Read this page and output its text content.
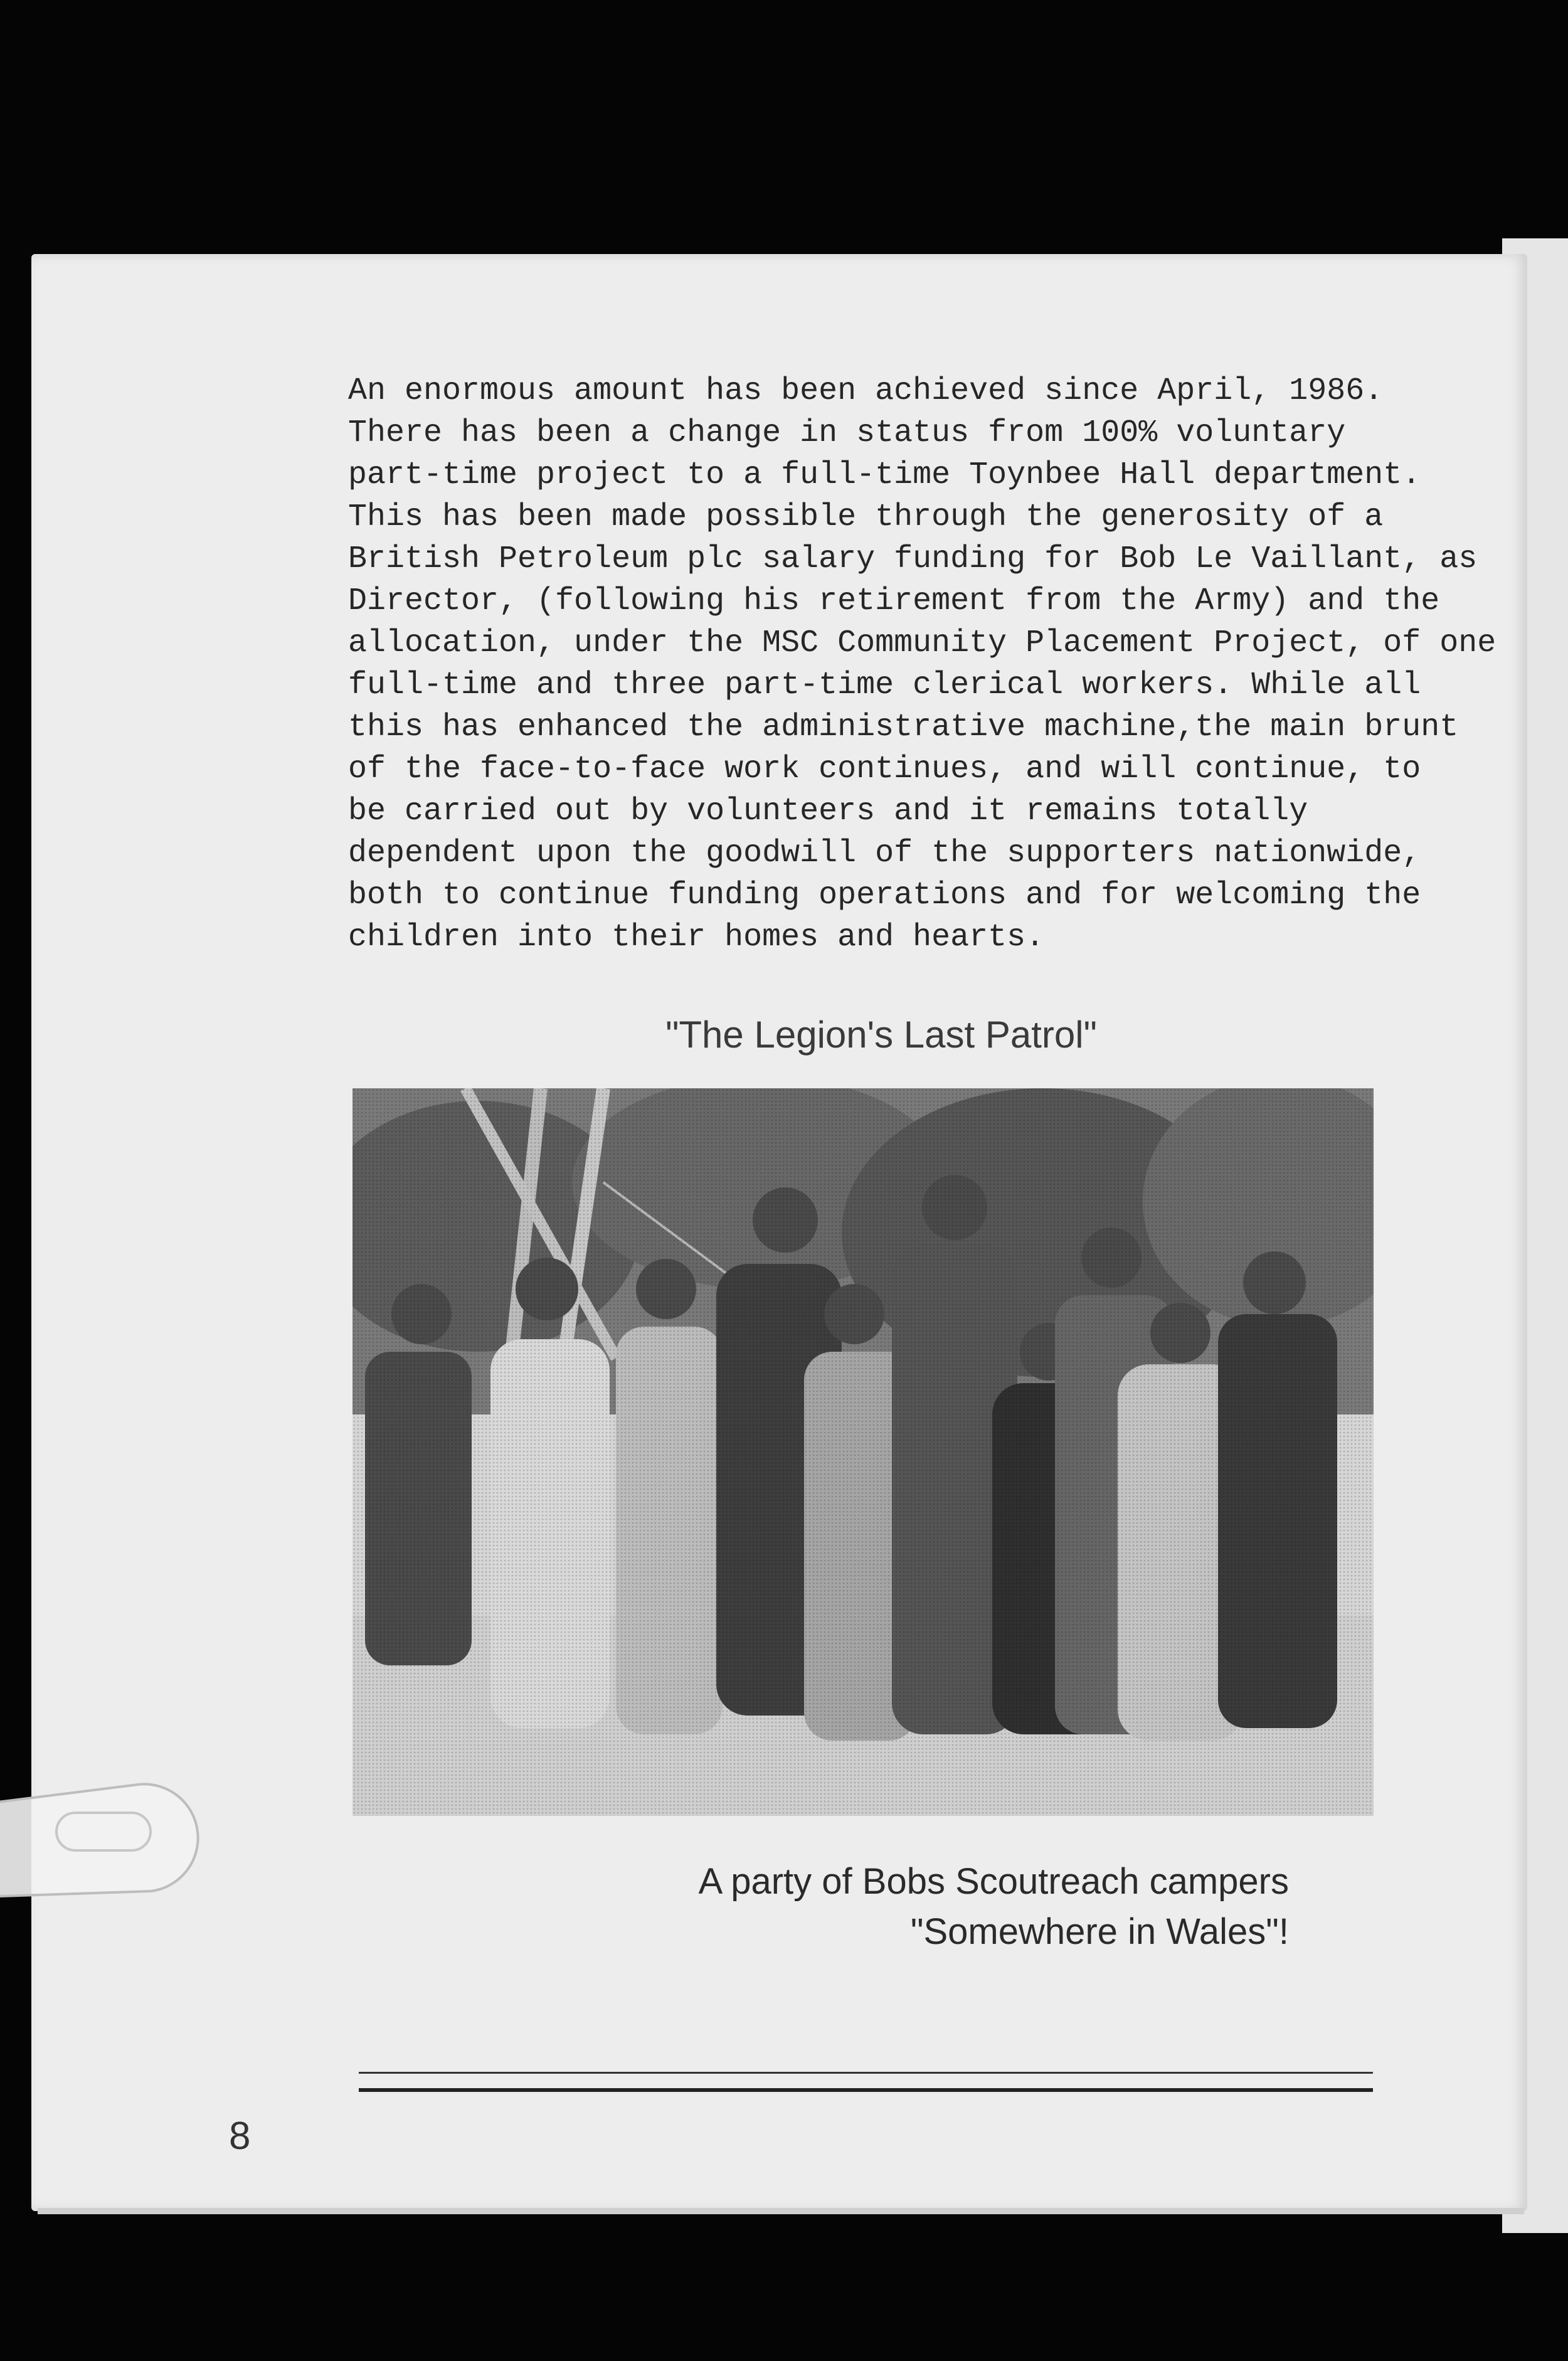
An enormous amount has been achieved since April, 1986.
There has been a change in status from 100% voluntary
part-time project to a full-time Toynbee Hall department.
This has been made possible through the generosity of a
British Petroleum plc salary funding for Bob Le Vaillant, as
Director, (following his retirement from the Army) and the
allocation, under the MSC Community Placement Project, of one
full-time and three part-time clerical workers. While all
this has enhanced the administrative machine,the main brunt
of the face-to-face work continues, and will continue, to
be carried out by volunteers and it remains totally
dependent upon the goodwill of the supporters nationwide,
both to continue funding operations and for welcoming the
children into their homes and hearts.

"The Legion's Last Patrol"
A party of Bobs Scoutreach campers
"Somewhere in Wales"!
8
